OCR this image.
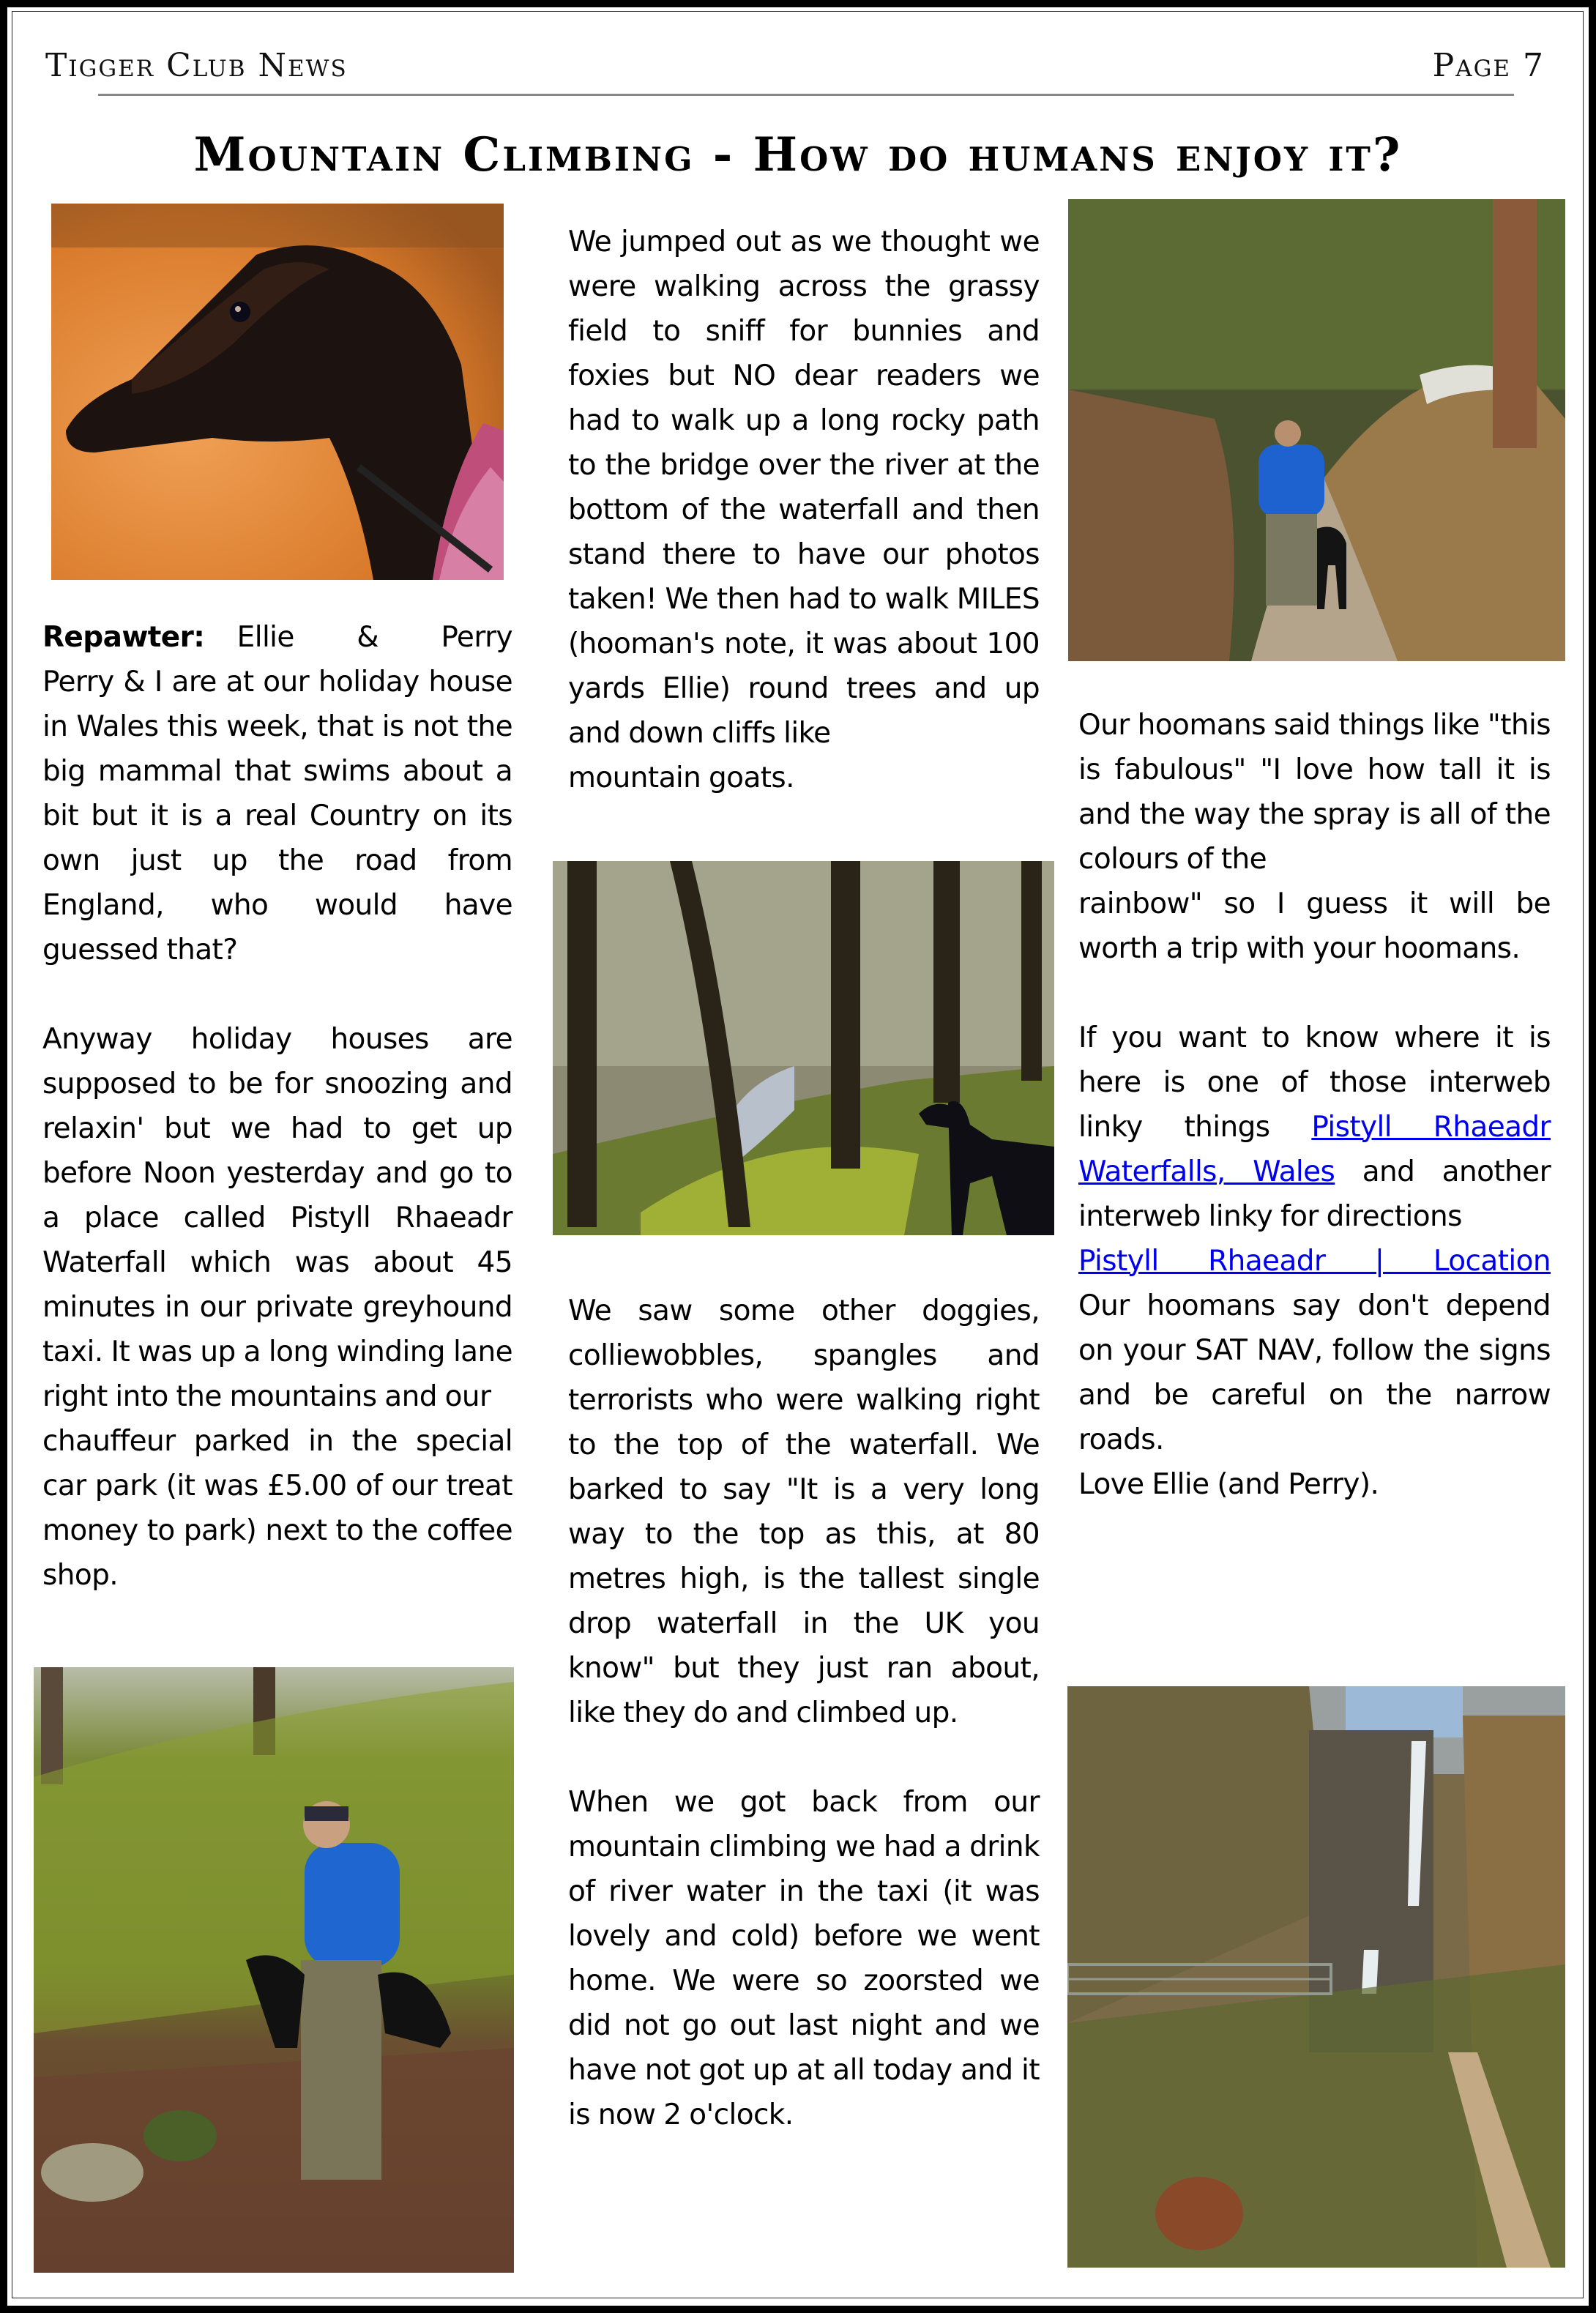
Tigger Club News	Page 7
Mountain Climbing - How do humans enjoy it?

Repawter: Ellie & Perry

Perry & I are at our holiday house in Wales this week, that is not the big mammal that swims about a bit but it is a real Country on its own just up the road from England, who would have guessed that?

Anyway holiday houses are supposed to be for snoozing and relaxin' but we had to get up before Noon yesterday and go to a place called Pistyll Rhaeadr Waterfall which was about 45 minutes in our private greyhound taxi. It was up a long winding lane right into the mountains and our

chauffeur parked in the special car park (it was £5.00 of our treat money to park) next to the coffee shop.

We jumped out as we thought we were walking across the grassy field to sniff for bunnies and foxies but NO dear readers we had to walk up a long rocky path to the bridge over the river at the bottom of the waterfall and then stand there to have our photos taken! We then had to walk MILES (hooman's note, it was about 100 yards Ellie) round trees and up and down cliffs like

mountain goats.

We saw some other doggies, colliewobbles, spangles and terrorists who were walking right to the top of the waterfall. We barked to say "It is a very long way to the top as this, at 80 metres high, is the tallest single drop waterfall in the UK you know" but they just ran about, like they do and climbed up.

When we got back from our mountain climbing we had a drink of river water in the taxi (it was lovely and cold) before we went home. We were so zoorsted we did not go out last night and we have not got up at all today and it is now 2 o'clock.

Our hoomans said things like "this is fabulous" "I love how tall it is and the way the spray is all of the colours of the

rainbow" so I guess it will be worth a trip with your hoomans.

If you want to know where it is here is one of those interweb linky things Pistyll Rhaeadr Waterfalls, Wales and another interweb linky for directions
Pistyll Rhaeadr | Location

Our hoomans say don't depend on your SAT NAV, follow the signs and be careful on the narrow roads.

Love Ellie (and Perry).
